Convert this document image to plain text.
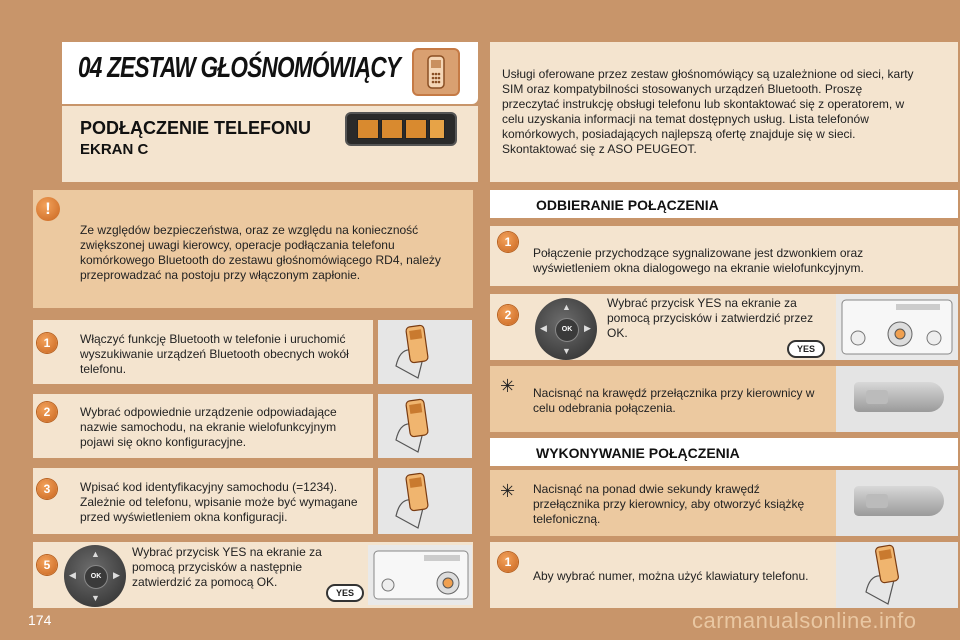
04 ZESTAW GŁOŚNOMÓWIĄCY
PODŁĄCZENIE TELEFONU
EKRAN C
Usługi oferowane przez zestaw głośnomówiący są uzależnione od sieci, karty SIM oraz kompatybilności stosowanych urządzeń Bluetooth. Proszę przeczytać instrukcję obsługi telefonu lub skontaktować się z operatorem, w celu uzyskania informacji na temat dostępnych usług. Lista telefonów komórkowych, posiadających najlepszą ofertę znajduje się w sieci. Skontaktować się z ASO PEUGEOT.
!
Ze względów bezpieczeństwa, oraz ze względu na konieczność zwiększonej uwagi kierowcy, operacje podłączania telefonu komórkowego Bluetooth do zestawu głośnomówiącego RD4, należy przeprowadzać na postoju przy włączonym zapłonie.
1	Włączyć funkcję Bluetooth w telefonie i uruchomić wyszukiwanie urządzeń Bluetooth obecnych wokół telefonu.
2	Wybrać odpowiednie urządzenie odpowiadające nazwie samochodu, na ekranie wielofunkcyjnym pojawi się okno konfiguracyjne.
3	Wpisać kod identyfikacyjny samochodu (=1234). Zależnie od telefonu, wpisanie może być wymagane przed wyświetleniem okna konfiguracji.
5
OK
▲
▼
◀	▶
Wybrać przycisk YES na ekranie za pomocą przycisków a następnie zatwierdzić za pomocą OK.
YES
ODBIERANIE POŁĄCZENIA
1
Połączenie przychodzące sygnalizowane jest dzwonkiem oraz wyświetleniem okna dialogowego na ekranie wielofunkcyjnym.
2
OK
▲
▼
◀	▶
Wybrać przycisk YES na ekranie za pomocą przycisków i zatwierdzić przez OK.
YES
✳ Nacisnąć na krawędź przełącznika przy kierownicy w celu odebrania połączenia.
WYKONYWANIE POŁĄCZENIA
✳ Nacisnąć na ponad dwie sekundy krawędź przełącznika przy kierownicy, aby otworzyć książkę telefoniczną.
1
Aby wybrać numer, można użyć klawiatury telefonu.
174	carmanualsonline.info
